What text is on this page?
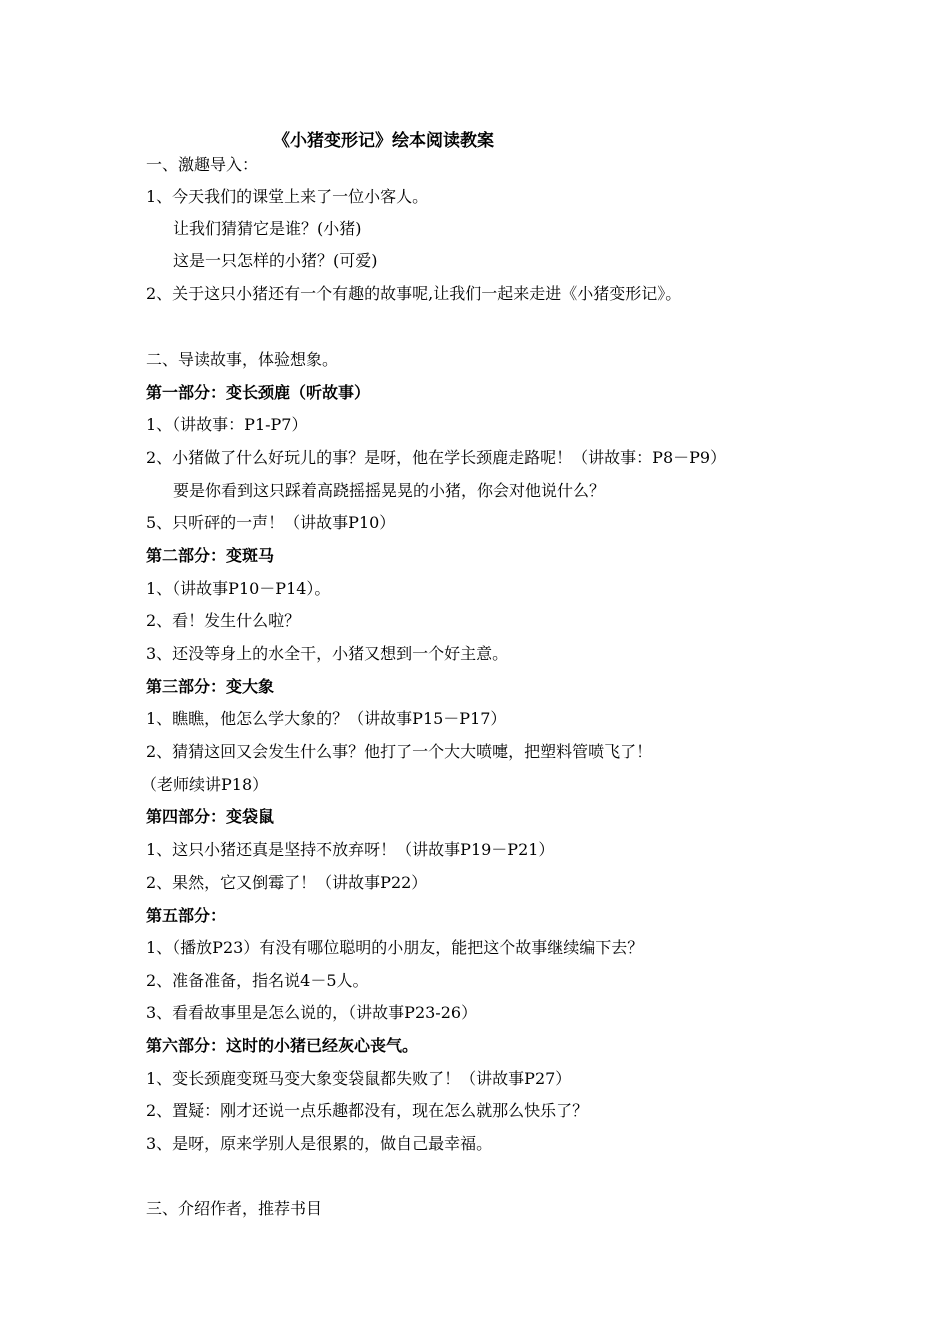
《小猪变形记》绘本阅读教案
一、激趣导入：
1、今天我们的课堂上来了一位小客人。
让我们猜猜它是谁？(小猪)
这是一只怎样的小猪？(可爱)
2、关于这只小猪还有一个有趣的故事呢,让我们一起来走进《小猪变形记》。
二、导读故事，体验想象。
第一部分：变长颈鹿（听故事）
1、（讲故事：P1-P7）
2、小猪做了什么好玩儿的事？是呀，他在学长颈鹿走路呢！（讲故事：P8－P9）
要是你看到这只踩着高跷摇摇晃晃的小猪，你会对他说什么？
5、只听砰的一声！（讲故事P10）
第二部分：变斑马
1、（讲故事P10－P14）。
2、看！发生什么啦？
3、还没等身上的水全干，小猪又想到一个好主意。
第三部分：变大象
1、瞧瞧，他怎么学大象的？（讲故事P15－P17）
2、猜猜这回又会发生什么事？他打了一个大大喷嚏，把塑料管喷飞了！
（老师续讲P18）
第四部分：变袋鼠
1、这只小猪还真是坚持不放弃呀！（讲故事P19－P21）
2、果然，它又倒霉了！（讲故事P22）
第五部分：
1、（播放P23）有没有哪位聪明的小朋友，能把这个故事继续编下去？
2、准备准备，指名说4－5人。
3、看看故事里是怎么说的，（讲故事P23-26）
第六部分：这时的小猪已经灰心丧气。
1、变长颈鹿变斑马变大象变袋鼠都失败了！（讲故事P27）
2、置疑：刚才还说一点乐趣都没有，现在怎么就那么快乐了？
3、是呀，原来学别人是很累的，做自己最幸福。
三、介绍作者，推荐书目
